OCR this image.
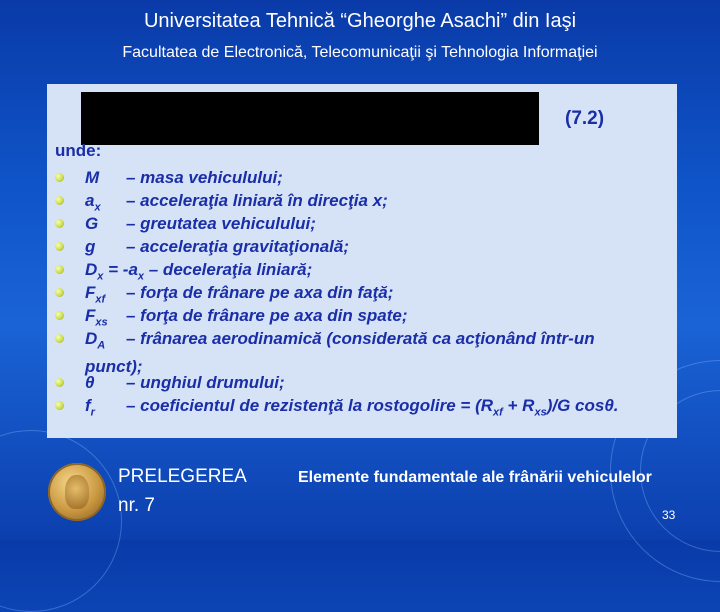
Universitatea Tehnică “Gheorghe Asachi” din Iaşi
Facultatea de Electronică, Telecomunicaţii şi Tehnologia Informaţiei
(7.2)
unde:
M – masa vehiculului;
$a_x$ – acceleraţia liniară în direcţia x;
G – greutatea vehiculului;
g – acceleraţia gravitaţională;
$D_x = -a_x$ – deceleraţia liniară;
$F_{xf}$ – forţa de frânare pe axa din faţă;
$F_{xs}$ – forţa de frânare pe axa din spate;
$D_A$ – frânarea aerodinamică (considerată ca acţionând într-un
punct);
θ – unghiul drumului;
$f_r$ – coeficientul de rezistenţă la rostogolire = $(R_{xf} + R_{xs})/G$ cosθ.
PRELEGEREA
nr. 7
Elemente fundamentale ale frânării vehiculelor
33
